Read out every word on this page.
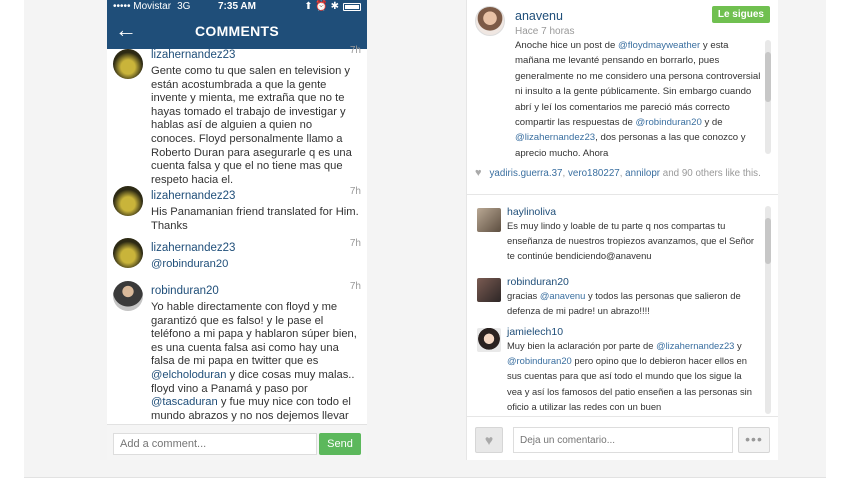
••••• Movistar 3G	7:35 AM	⬆ ⏰ ✱
←	COMMENTS
lizahernandez23	7h
Gente como tu que salen en television y están acostumbrada a que la gente invente y mienta, me extraña que no te hayas tomado el trabajo de investigar y hablas así de alguien a quien no conoces. Floyd personalmente llamo a Roberto Duran para asegurarle q es una cuenta falsa y que el no tiene mas que respeto hacia el.
lizahernandez23	7h
His Panamanian friend translated for Him. Thanks
lizahernandez23	7h
@robinduran20
robinduran20	7h
Yo hable directamente con floyd y me garantizó que es falso! y le pase el teléfono a mi papa y hablaron súper bien, es una cuenta falsa asi como hay una falsa de mi papa en twitter que es @elcholoduran y dice cosas muy malas.. floyd vino a Panamá y paso por @tascaduran y fue muy nice con todo el mundo abrazos y no nos dejemos llevar
Add a comment...
Send
anavenu	Le sigues
Hace 7 horas
Anoche hice un post de @floydmayweather y esta mañana me levanté pensando en borrarlo, pues generalmente no me considero una persona controversial ni insulto a la gente públicamente. Sin embargo cuando abrí y leí los comentarios me pareció más correcto compartir las respuestas de @robinduran20 y de @lizahernandez23, dos personas a las que conozco y aprecio mucho. Ahora
♥ yadiris.guerra.37, vero180227, annilopr and 90 others like this.
haylinoliva
Es muy lindo y loable de tu parte q nos compartas tu enseñanza de nuestros tropiezos avanzamos, que el Señor te continúe bendiciendo@anavenu
robinduran20
gracias @anavenu y todos las personas que salieron de defenza de mi padre! un abrazo!!!!
jamielech10
Muy bien la aclaración por parte de @lizahernandez23 y @robinduran20 pero opino que lo debieron hacer ellos en sus cuentas para que así todo el mundo que los sigue la vea y así los famosos del patio enseñen a las personas sin oficio a utilizar las redes con un buen
♥
Deja un comentario...	•••
